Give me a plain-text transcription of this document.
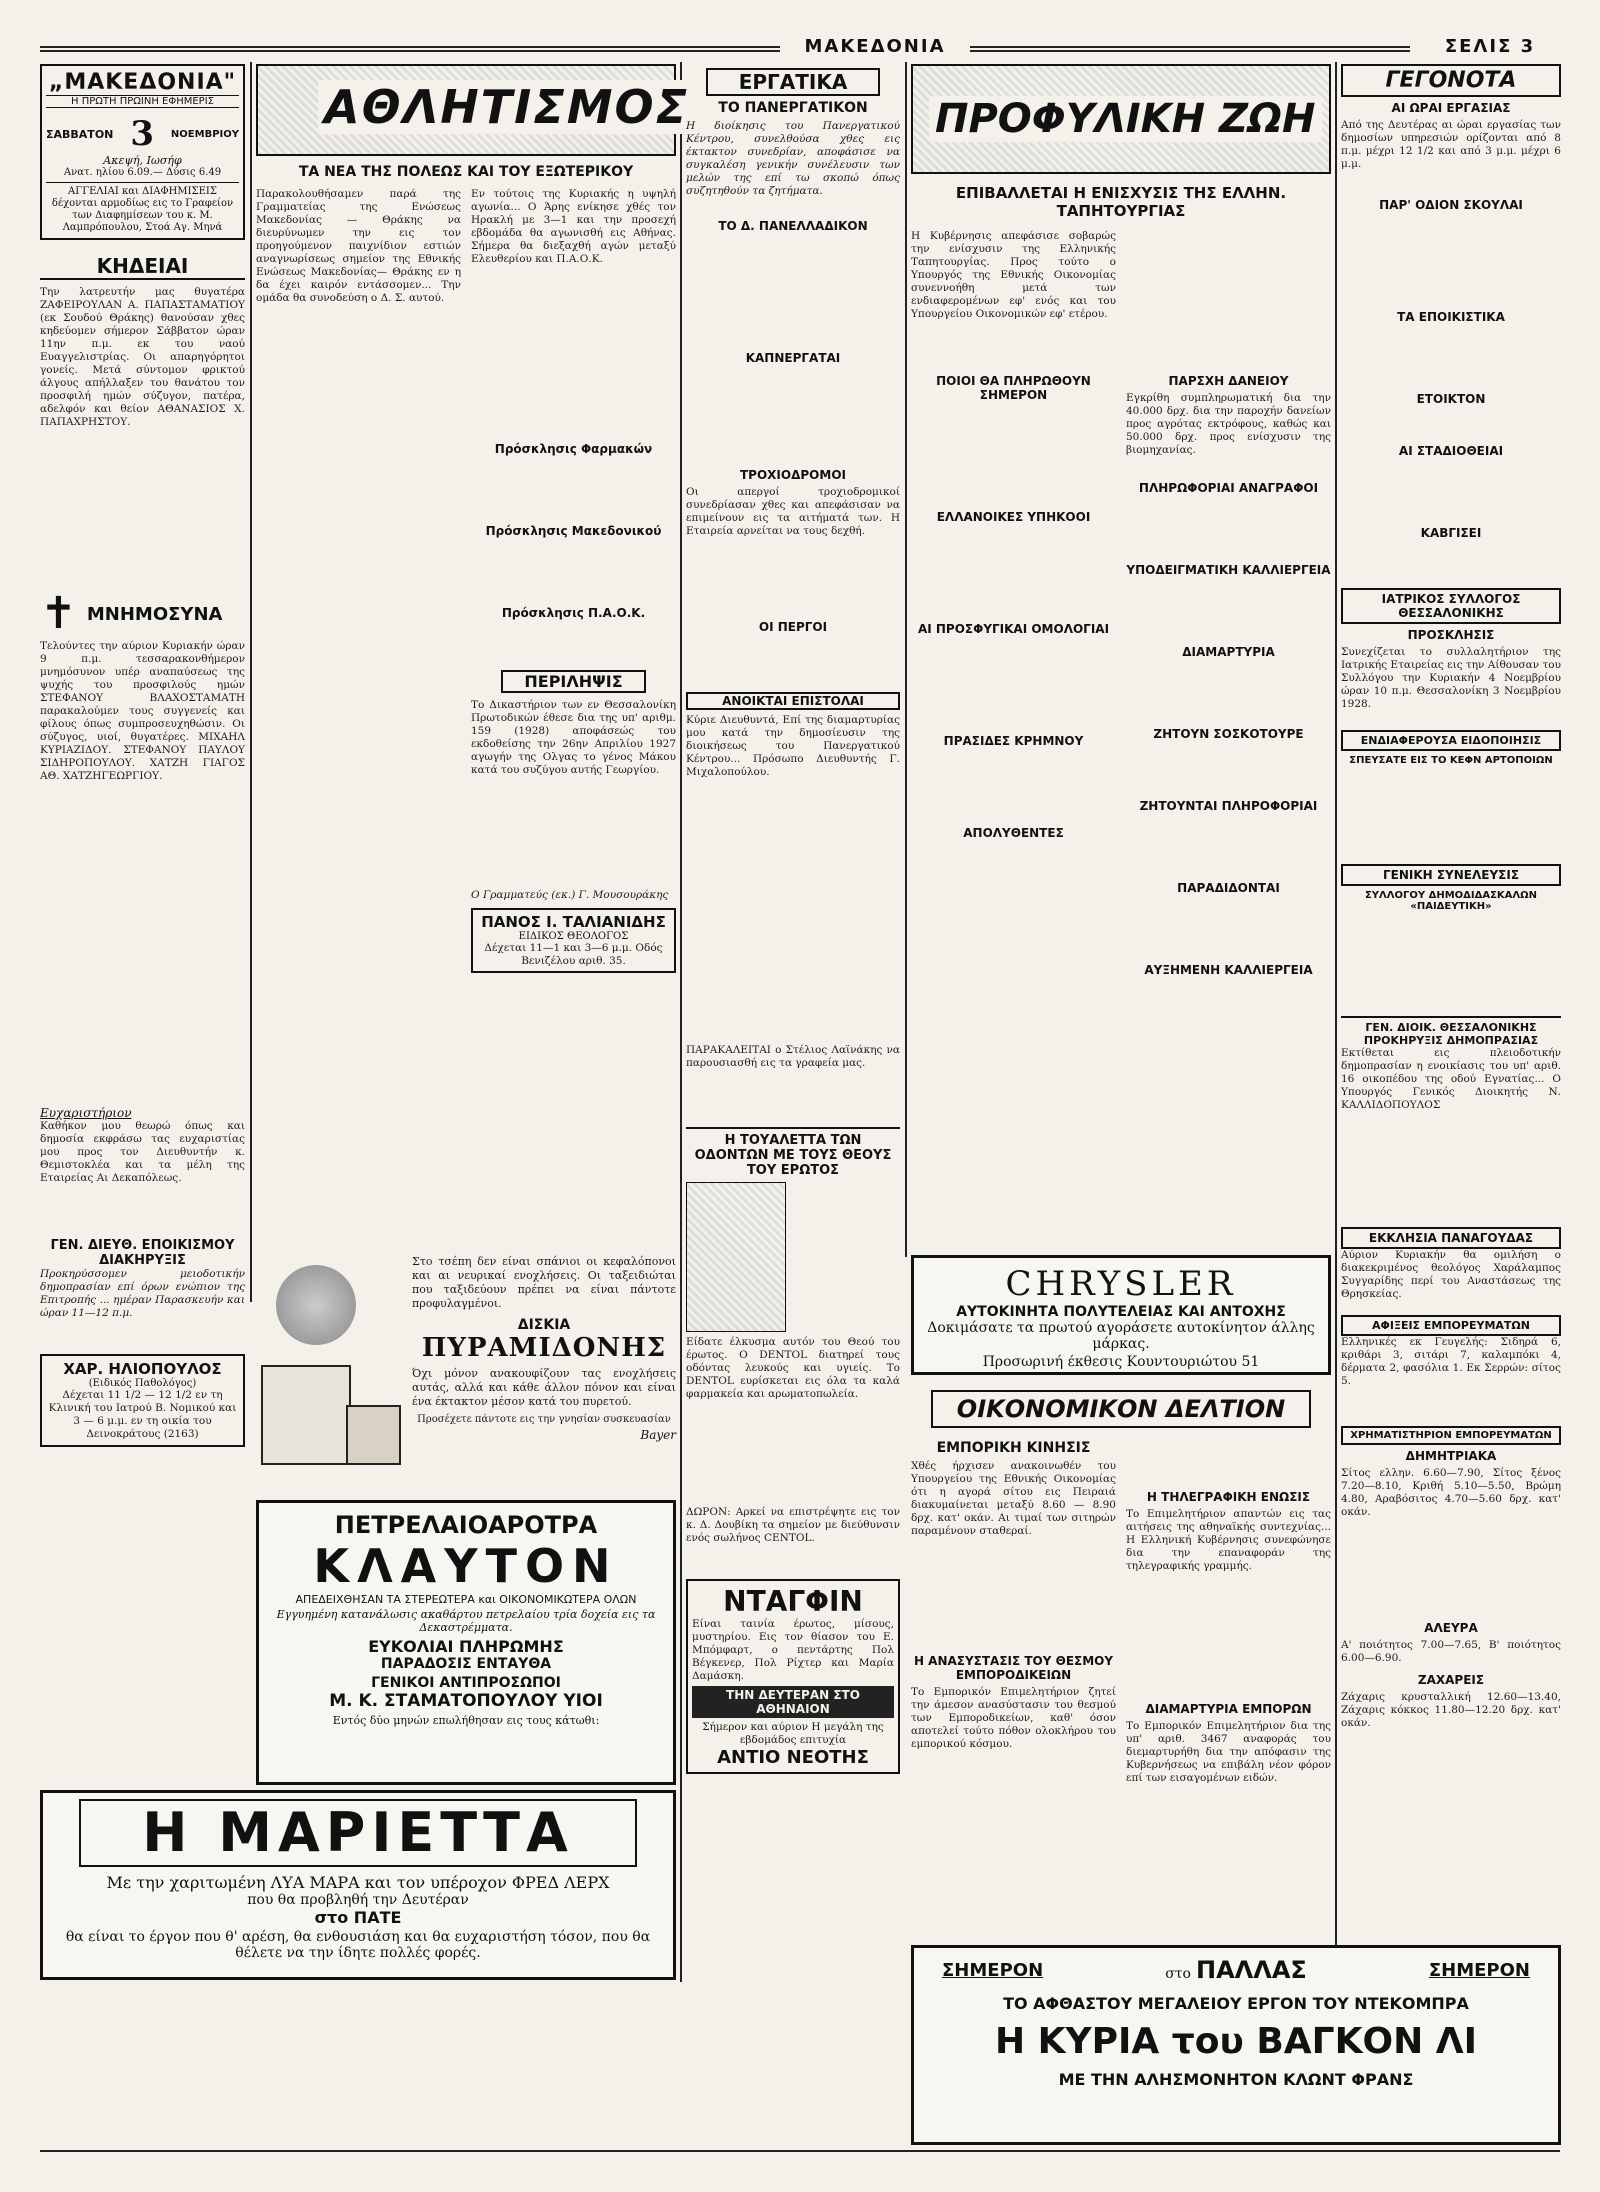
ΜΑΚΕΔΟΝΙΑ	ΣΕΛΙΣ 3
„ΜΑΚΕΔΟΝΙΑ"
Η ΠΡΩΤΗ ΠΡΩΙΝΗ ΕΦΗΜΕΡΙΣ
ΣΑΒΒΑΤΟΝ 3 ΝΟΕΜΒΡΙΟΥ
Ακεψή, Ιωσήφ
Ανατ. ηλίου 6.09.— Δύσις 6.49
ΑΓΓΕΛΙΑΙ και ΔΙΑΦΗΜΙΣΕΙΣ δέχονται αρμοδίως εις το Γραφείον των Διαφημίσεων του κ. Μ. Λαμπρόπουλου, Στοά Αγ. Μηνά
ΚΗΔΕΙΑΙ
Την λατρευτήν μας θυγατέρα ΖΑΦΕΙΡΟΥΛΑΝ Α. ΠΑΠΑΣΤΑΜΑΤΙΟΥ (εκ Σουδού Θράκης) θανούσαν χθες κηδεύομεν σήμερον Σάββατον ώραν 11ην π.μ. εκ του ναού Ευαγγελιστρίας. Οι απαρηγόρητοι γονείς. Μετά σύντομον φρικτού άλγους απήλλαξεν του θανάτου τον προσφιλή ημών σύζυγον, πατέρα, αδελφόν και θείον ΑΘΑΝΑΣΙΟΣ Χ. ΠΑΠΑΧΡΗΣΤΟΥ.
✝ ΜΝΗΜΟΣΥΝΑ
Τελούντες την αύριον Κυριακήν ώραν 9 π.μ. τεσσαρακονθήμερον μνημόσυνον υπέρ αναπαύσεως της ψυχής του προσφιλούς ημών ΣΤΕΦΑΝΟΥ ΒΛΑΧΟΣΤΑΜΑΤΗ παρακαλούμεν τους συγγενείς και φίλους όπως συμπροσευχηθώσιν. Οι σύζυγος, υιοί, θυγατέρες. ΜΙΧΑΗΛ ΚΥΡΙΑΖΙΔΟΥ. ΣΤΕΦΑΝΟΥ ΠΑΥΛΟΥ ΣΙΔΗΡΟΠΟΥΛΟΥ. ΧΑΤΖΗ ΓΙΑΓΟΣ ΑΘ. ΧΑΤΖΗΓΕΩΡΓΙΟΥ.
Ευχαριστήριον
Καθήκον μου θεωρώ όπως και δημοσία εκφράσω τας ευχαριστίας μου προς τον Διευθυντήν κ. Θεμιστοκλέα και τα μέλη της Εταιρείας Αι Δεκαπόλεως.
ΓΕΝ. ΔΙΕΥΘ. ΕΠΟΙΚΙΣΜΟΥ ΔΙΑΚΗΡΥΞΙΣ
Προκηρύσσομεν μειοδοτικήν δημοπρασίαν επί όρων ενώπιον της Επιτροπής ... ημέραν Παρασκευήν και ώραν 11—12 π.μ.
ΧΑΡ. ΗΛΙΟΠΟΥΛΟΣ
(Ειδικός Παθολόγος)
Δέχεται 11 1/2 — 12 1/2 εν τη Κλινική του Ιατρού Β. Νομικού και 3 — 6 μ.μ. εν τη οικία του Δεινοκράτους (2163)
ΑΘΛΗΤΙΣΜΟΣ
ΤΑ ΝΕΑ ΤΗΣ ΠΟΛΕΩΣ ΚΑΙ ΤΟΥ ΕΞΩΤΕΡΙΚΟΥ
Παρακολουθήσαμεν παρά της Γραμματείας της Ενώσεως Μακεδονίας — Θράκης να διευρύνωμεν την εις τον προηγούμενον παιχνίδιον εστιών αναγνωρίσεως σημείον της Εθνικής Ενώσεως Μακεδονίας— Θράκης εν η δα έχει καιρόν εντάσσομεν... Την ομάδα θα συνοδεύση ο Δ. Σ. αυτού.
Εν τούτοις της Κυριακής η υψηλή αγωνία... Ο Άρης ενίκησε χθές τον Ηρακλή με 3—1 και την προσεχή εβδομάδα θα αγωνισθή εις Αθήνας. Σήμερα θα διεξαχθή αγών μεταξύ Ελευθερίου και Π.Α.Ο.Κ.
Πρόσκλησις Φαρμακών
Πρόσκλησις Μακεδονικού
Πρόσκλησις Π.Α.Ο.Κ.
ΠΕΡΙΛΗΨΙΣ
Το Δικαστήριον των εν Θεσσαλονίκη Πρωτοδικών έθεσε δια της υπ' αριθμ. 159 (1928) αποφάσεώς του εκδοθείσης την 26ην Απριλίου 1927 αγωγήν της Ολγας το γένος Μάκου κατά του συζύγου αυτής Γεωργίου.
Ο Γραμματεύς (εκ.) Γ. Μουσουράκης
ΠΑΝΟΣ Ι. ΤΑΛΙΑΝΙΔΗΣ
ΕΙΔΙΚΟΣ ΘΕΟΛΟΓΟΣ
Δέχεται 11—1 και 3—6 μ.μ. Οδός Βενιζέλου αριθ. 35.
Στο τσέπη δεν είναι σπάνιοι οι κεφαλόπονοι και αι νευρικαί ενοχλήσεις. Οι ταξειδιώται που ταξιδεύουν πρέπει να είναι πάντοτε προφυλαγμένοι.
ΔΙΣΚΙΑ
ΠΥΡΑΜΙΔΟΝΗΣ
Όχι μόνον ανακουφίζουν τας ενοχλήσεις αυτάς, αλλά και κάθε άλλον πόνον και είναι ένα έκτακτον μέσον κατά του πυρετού.
Προσέχετε πάντοτε εις την γνησίαν συσκευασίαν
Bayer
ΠΕΤΡΕΛΑΙΟΑΡΟΤΡΑ
ΚΛΑΥΤΟΝ
ΑΠΕΔΕΙΧΘΗΣΑΝ ΤΑ ΣΤΕΡΕΩΤΕΡΑ και ΟΙΚΟΝΟΜΙΚΩΤΕΡΑ ΟΛΩΝ
Εγγυημένη κατανάλωσις ακαθάρτου πετρελαίου τρία δοχεία εις τα Δεκαστρέμματα.
ΕΥΚΟΛΙΑΙ ΠΛΗΡΩΜΗΣ
ΠΑΡΑΔΟΣΙΣ ΕΝΤΑΥΘΑ
ΓΕΝΙΚΟΙ ΑΝΤΙΠΡΟΣΩΠΟΙ
Μ. Κ. ΣΤΑΜΑΤΟΠΟΥΛΟΥ ΥΙΟΙ
Εντός δύο μηνών επωλήθησαν εις τους κάτωθι:
ΕΡΓΑΤΙΚΑ
ΤΟ ΠΑΝΕΡΓΑΤΙΚΟΝ
Η διοίκησις του Πανεργατικού Κέντρου, συνελθούσα χθες εις έκτακτον συνεδρίαν, αποφάσισε να συγκαλέση γενικήν συνέλευσιν των μελών της επί τω σκοπώ όπως συζητηθούν τα ζητήματα.
ΤΟ Δ. ΠΑΝΕΛΛΑΔΙΚΟΝ
ΚΑΠΝΕΡΓΑΤΑΙ
ΤΡΟΧΙΟΔΡΟΜΟΙ
Οι απεργοί τροχιοδρομικοί συνεδρίασαν χθες και απεφάσισαν να επιμείνουν εις τα αιτήματά των. Η Εταιρεία αρνείται να τους δεχθή.
ΟΙ ΠΕΡΓΟΙ
ΑΝΟΙΚΤΑΙ ΕΠΙΣΤΟΛΑΙ
Κύριε Διευθυντά, Επί της διαμαρτυρίας μου κατά την δημοσίευσιν της διοικήσεως του Πανεργατικού Κέντρου... Πρόσωπο Διευθυντής Γ. Μιχαλοπούλου.
ΠΑΡΑΚΑΛΕΙΤΑΙ ο Στέλιος Λαϊνάκης να παρουσιασθή εις τα γραφεία μας.
Η ΤΟΥΑΛΕΤΤΑ ΤΩΝ ΟΔΟΝΤΩΝ ΜΕ ΤΟΥΣ ΘΕΟΥΣ ΤΟΥ ΕΡΩΤΟΣ
Είδατε έλκυσμα αυτόν του Θεού του έρωτος. Ο DENTOL διατηρεί τους οδόντας λευκούς και υγιείς. Το DENTOL ευρίσκεται εις όλα τα καλά φαρμακεία και αρωματοπωλεία.
ΔΩΡΟΝ: Αρκεί να επιστρέψητε εις τον κ. Δ. Δουβίκη τα σημείον με διεύθυνσιν ενός σωλήνος CENTOL.
ΝΤΑΓΦΙΝ
Είναι ταινία έρωτος, μίσους, μυστηρίου. Εις τον θίασον του Ε. Μπόμφαρτ, ο πεντάρτης Πολ Βέγκενερ, Πολ Ρίχτερ και Μαρία Δαμάσκη.
ΤΗΝ ΔΕΥΤΕΡΑΝ ΣΤΟ ΑΘΗΝΑΙΟΝ
Σήμερον και αύριον Η μεγάλη της εβδομάδος επιτυχία
ΑΝΤΙΟ ΝΕΟΤΗΣ
ΠΡΟΦΥΛΙΚΗ ΖΩΗ
ΕΠΙΒΑΛΛΕΤΑΙ Η ΕΝΙΣΧΥΣΙΣ ΤΗΣ ΕΛΛΗΝ. ΤΑΠΗΤΟΥΡΓΙΑΣ
Η Κυβέρνησις απεφάσισε σοβαρώς την ενίσχυσιν της Ελληνικής Ταπητουργίας. Προς τούτο ο Υπουργός της Εθνικής Οικονομίας συνεννοήθη μετά των ενδιαφερομένων εφ' ενός και του Υπουργείου Οικονομικών εφ' ετέρου.
ΠΟΙΟΙ ΘΑ ΠΛΗΡΩΘΟΥΝ ΣΗΜΕΡΟΝ
ΕΛΛΑΝΟΙΚΕΣ ΥΠΗΚΟΟΙ
ΑΙ ΠΡΟΣΦΥΓΙΚΑΙ ΟΜΟΛΟΓΙΑΙ
ΠΡΑΣΙΔΕΣ ΚΡΗΜΝΟΥ
ΑΠΟΛΥΘΕΝΤΕΣ
ΠΑΡΣΧΗ ΔΑΝΕΙΟΥ
Εγκρίθη συμπληρωματική δια την 40.000 δρχ. δια την παροχήν δανείων προς αγρότας εκτρόφους, καθώς και 50.000 δρχ. προς ενίσχυσιν της βιομηχανίας.
ΠΛΗΡΩΦΟΡΙΑΙ ΑΝΑΓΡΑΦΟΙ
ΥΠΟΔΕΙΓΜΑΤΙΚΗ ΚΑΛΛΙΕΡΓΕΙΑ
ΔΙΑΜΑΡΤΥΡΙΑ
ΖΗΤΟΥΝ ΣΟΣΚΟΤΟΥΡΕ
ΖΗΤΟΥΝΤΑΙ ΠΛΗΡΟΦΟΡΙΑΙ
ΠΑΡΑΔΙΔΟΝΤΑΙ
ΑΥΞΗΜΕΝΗ ΚΑΛΛΙΕΡΓΕΙΑ
CHRYSLER
ΑΥΤΟΚΙΝΗΤΑ ΠΟΛΥΤΕΛΕΙΑΣ ΚΑΙ ΑΝΤΟΧΗΣ
Δοκιμάσατε τα πρωτού αγοράσετε αυτοκίνητον άλλης μάρκας.
Προσωρινή έκθεσις Κουντουριώτου 51
ΟΙΚΟΝΟΜΙΚΟΝ ΔΕΛΤΙΟΝ
ΕΜΠΟΡΙΚΗ ΚΙΝΗΣΙΣ
Χθές ήρχισεν ανακοινωθέν του Υπουργείου της Εθνικής Οικονομίας ότι η αγορά σίτου εις Πειραιά διακυμαίνεται μεταξύ 8.60 — 8.90 δρχ. κατ' οκάν. Αι τιμαί των σιτηρών παραμένουν σταθεραί.
Η ΑΝΑΣΥΣΤΑΣΙΣ ΤΟΥ ΘΕΣΜΟΥ ΕΜΠΟΡΟΔΙΚΕΙΩΝ
Το Εμπορικόν Επιμελητήριον ζητεί την άμεσον ανασύστασιν του θεσμού των Εμποροδικείων, καθ' όσον αποτελεί τούτο πόθον ολοκλήρου του εμπορικού κόσμου.
Η ΤΗΛΕΓΡΑΦΙΚΗ ΕΝΩΣΙΣ
Το Επιμελητήριον απαντών εις τας αιτήσεις της αθηναϊκής συντεχνίας... Η Ελληνική Κυβέρνησις συνεφώνησε δια την επαναφοράν της τηλεγραφικής γραμμής.
ΔΙΑΜΑΡΤΥΡΙΑ ΕΜΠΟΡΩΝ
Το Εμπορικόν Επιμελητήριον δια της υπ' αριθ. 3467 αναφοράς του διεμαρτυρήθη δια την απόφασιν της Κυβερνήσεως να επιβάλη νέον φόρον επί των εισαγομένων ειδών.
ΓΕΓΟΝΟΤΑ
ΑΙ ΩΡΑΙ ΕΡΓΑΣΙΑΣ
Από της Δευτέρας αι ώραι εργασίας των δημοσίων υπηρεσιών ορίζονται από 8 π.μ. μέχρι 12 1/2 και από 3 μ.μ. μέχρι 6 μ.μ.
ΠΑΡ' ΟΔΙΟΝ ΣΚΟΥΛΑΙ
ΤΑ ΕΠΟΙΚΙΣΤΙΚΑ
ΕΤΟΙΚΤΟΝ
ΑΙ ΣΤΑΔΙΟΘΕΙΑΙ
ΚΑΒΓΙΣΕΙ
ΙΑΤΡΙΚΟΣ ΣΥΛΛΟΓΟΣ ΘΕΣΣΑΛΟΝΙΚΗΣ
ΠΡΟΣΚΛΗΣΙΣ
Συνεχίζεται το συλλαλητήριον της Ιατρικής Εταιρείας εις την Αίθουσαν του Συλλόγου την Κυριακήν 4 Νοεμβρίου ώραν 10 π.μ. Θεσσαλονίκη 3 Νοεμβρίου 1928.
ΕΝΔΙΑΦΕΡΟΥΣΑ ΕΙΔΟΠΟΙΗΣΙΣ
ΣΠΕΥΣΑΤΕ ΕΙΣ ΤΟ ΚΕΦΝ ΑΡΤΟΠΟΙΩΝ
ΓΕΝΙΚΗ ΣΥΝΕΛΕΥΣΙΣ
ΣΥΛΛΟΓΟΥ ΔΗΜΟΔΙΔΑΣΚΑΛΩΝ «ΠΑΙΔΕΥΤΙΚΗ»
ΓΕΝ. ΔΙΟΙΚ. ΘΕΣΣΑΛΟΝΙΚΗΣ ΠΡΟΚΗΡΥΞΙΣ ΔΗΜΟΠΡΑΣΙΑΣ
Εκτίθεται εις πλειοδοτικήν δημοπρασίαν η ενοικίασις του υπ' αριθ. 16 οικοπέδου της οδού Εγνατίας... Ο Υπουργός Γενικός Διοικητής Ν. ΚΑΛΛΙΔΟΠΟΥΛΟΣ
ΕΚΚΛΗΣΙΑ ΠΑΝΑΓΟΥΔΑΣ
Αύριον Κυριακήν θα ομιλήση ο διακεκριμένος θεολόγος Χαράλαμπος Συγγαρίδης περί του Αναστάσεως της Θρησκείας.
ΑΦΙΞΕΙΣ ΕΜΠΟΡΕΥΜΑΤΩΝ
Ελληνικές εκ Γευγελής: Σιδηρά 6, κριθάρι 3, σιτάρι 7, καλαμπόκι 4, δέρματα 2, φασόλια 1. Εκ Σερρών: σίτος 5.
ΧΡΗΜΑΤΙΣΤΗΡΙΟΝ ΕΜΠΟΡΕΥΜΑΤΩΝ
ΔΗΜΗΤΡΙΑΚΑ
Σίτος ελλην. 6.60—7.90, Σίτος ξένος 7.20—8.10, Κριθή 5.10—5.50, Βρώμη 4.80, Αραβόσιτος 4.70—5.60 δρχ. κατ' οκάν.
ΑΛΕΥΡΑ
Α' ποιότητος 7.00—7.65, Β' ποιότητος 6.00—6.90.
ΖΑΧΑΡΕΙΣ
Ζάχαρις κρυσταλλική 12.60—13.40, Ζάχαρις κόκκος 11.80—12.20 δρχ. κατ' οκάν.
Η ΜΑΡΙΕΤΤΑ
Με την χαριτωμένη ΛΥΑ ΜΑΡΑ και τον υπέροχον ΦΡΕΔ ΛΕΡΧ
που θα προβληθή την Δευτέραν
στο ΠΑΤΕ
θα είναι το έργον που θ' αρέση, θα ενθουσιάση και θα ευχαριστήση τόσον, που θα θέλετε να την ίδητε πολλές φορές.
ΣΗΜΕΡΟΝ	στο ΠΑΛΛΑΣ	ΣΗΜΕΡΟΝ
ΤΟ ΑΦΘΑΣΤΟΥ ΜΕΓΑΛΕΙΟΥ ΕΡΓΟΝ ΤΟΥ ΝΤΕΚΟΜΠΡΑ
Η ΚΥΡΙΑ του ΒΑΓΚΟΝ ΛΙ
ΜΕ ΤΗΝ ΑΛΗΣΜΟΝΗΤΟΝ ΚΛΩΝΤ ΦΡΑΝΣ
